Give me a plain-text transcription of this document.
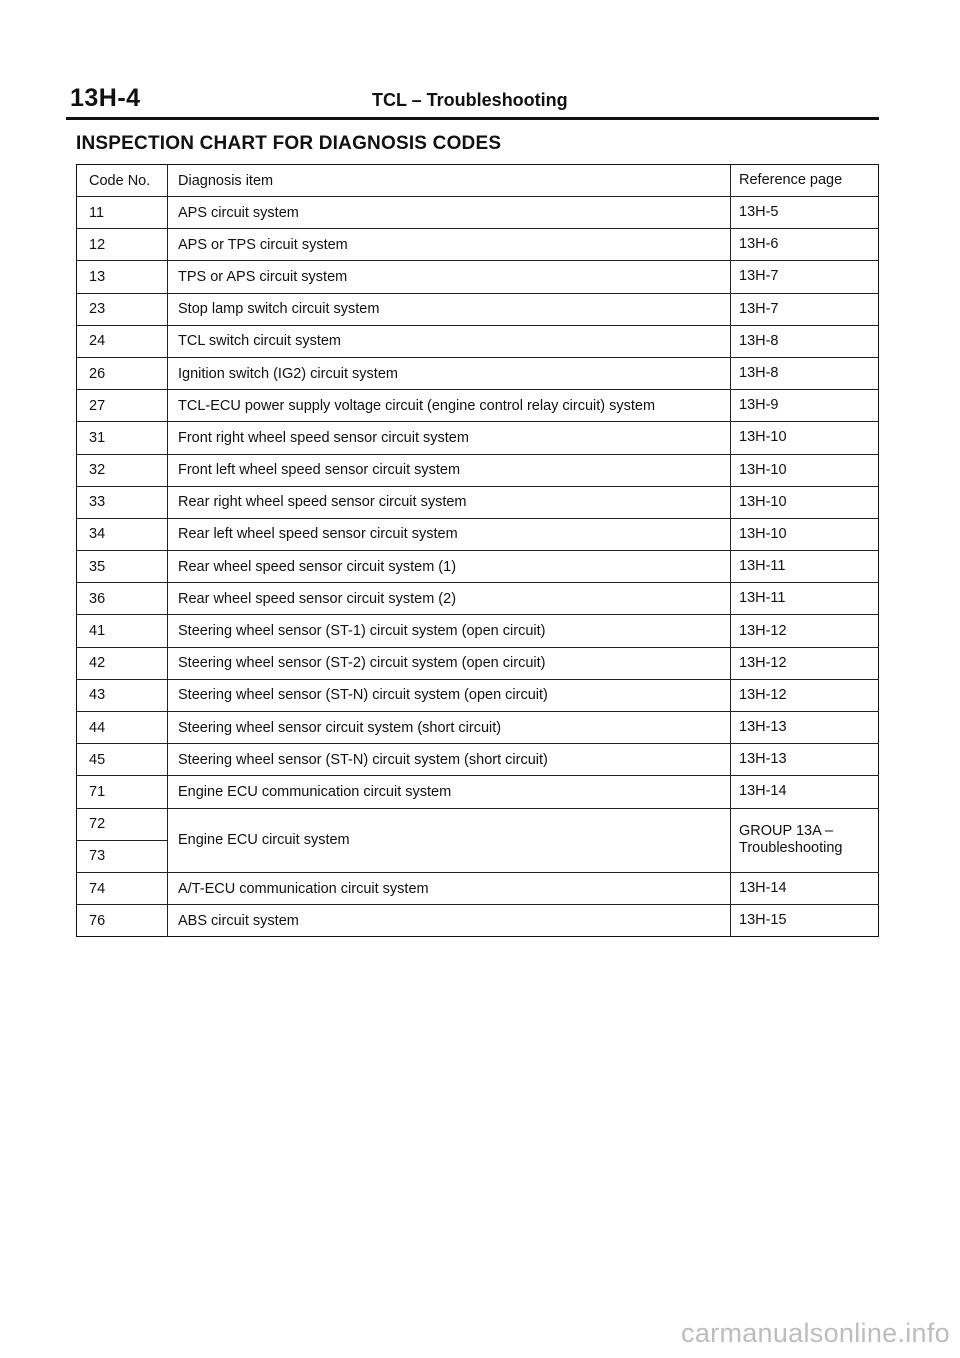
13H-4	TCL – Troubleshooting
INSPECTION CHART FOR DIAGNOSIS CODES
Code No.	Diagnosis item	Reference page
11	APS circuit system	13H-5
12	APS or TPS circuit system	13H-6
13	TPS or APS circuit system	13H-7
23	Stop lamp switch circuit system	13H-7
24	TCL switch circuit system	13H-8
26	Ignition switch (IG2) circuit system	13H-8
27	TCL-ECU power supply voltage circuit (engine control relay circuit) system	13H-9
31	Front right wheel speed sensor circuit system	13H-10
32	Front left wheel speed sensor circuit system	13H-10
33	Rear right wheel speed sensor circuit system	13H-10
34	Rear left wheel speed sensor circuit system	13H-10
35	Rear wheel speed sensor circuit system (1)	13H-11
36	Rear wheel speed sensor circuit system (2)	13H-11
41	Steering wheel sensor (ST-1) circuit system (open circuit)	13H-12
42	Steering wheel sensor (ST-2) circuit system (open circuit)	13H-12
43	Steering wheel sensor (ST-N) circuit system (open circuit)	13H-12
44	Steering wheel sensor circuit system (short circuit)	13H-13
45	Steering wheel sensor (ST-N) circuit system (short circuit)	13H-13
71	Engine ECU communication circuit system	13H-14
72	Engine ECU circuit system	GROUP 13A –
Troubleshooting

73		
74	A/T-ECU communication circuit system	13H-14
76	ABS circuit system	13H-15
carmanualsonline.info
